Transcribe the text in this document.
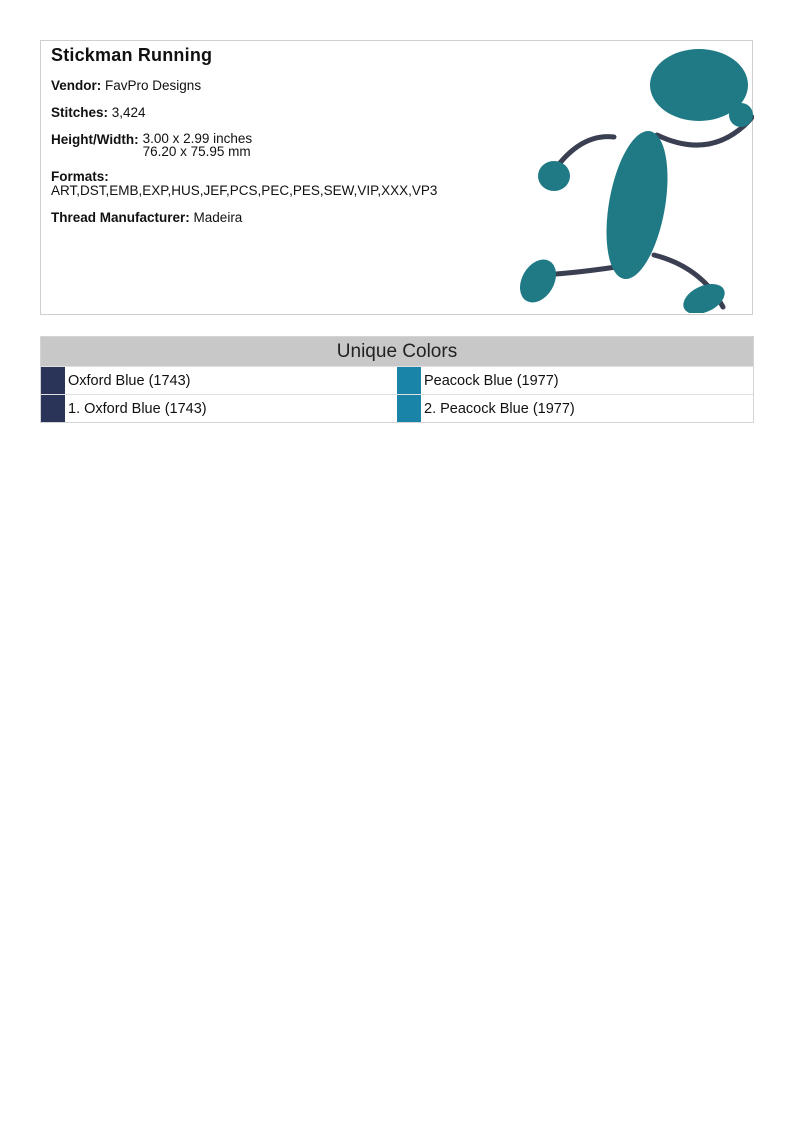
Stickman Running
Vendor: FavPro Designs
Stitches: 3,424
Height/Width: 3.00 x 2.99 inches
76.20 x 75.95 mm
Formats:
ART,DST,EMB,EXP,HUS,JEF,PCS,PEC,PES,SEW,VIP,XXX,VP3
Thread Manufacturer: Madeira
Unique Colors
Oxford Blue (1743)	Peacock Blue (1977)
1. Oxford Blue (1743)	2. Peacock Blue (1977)
